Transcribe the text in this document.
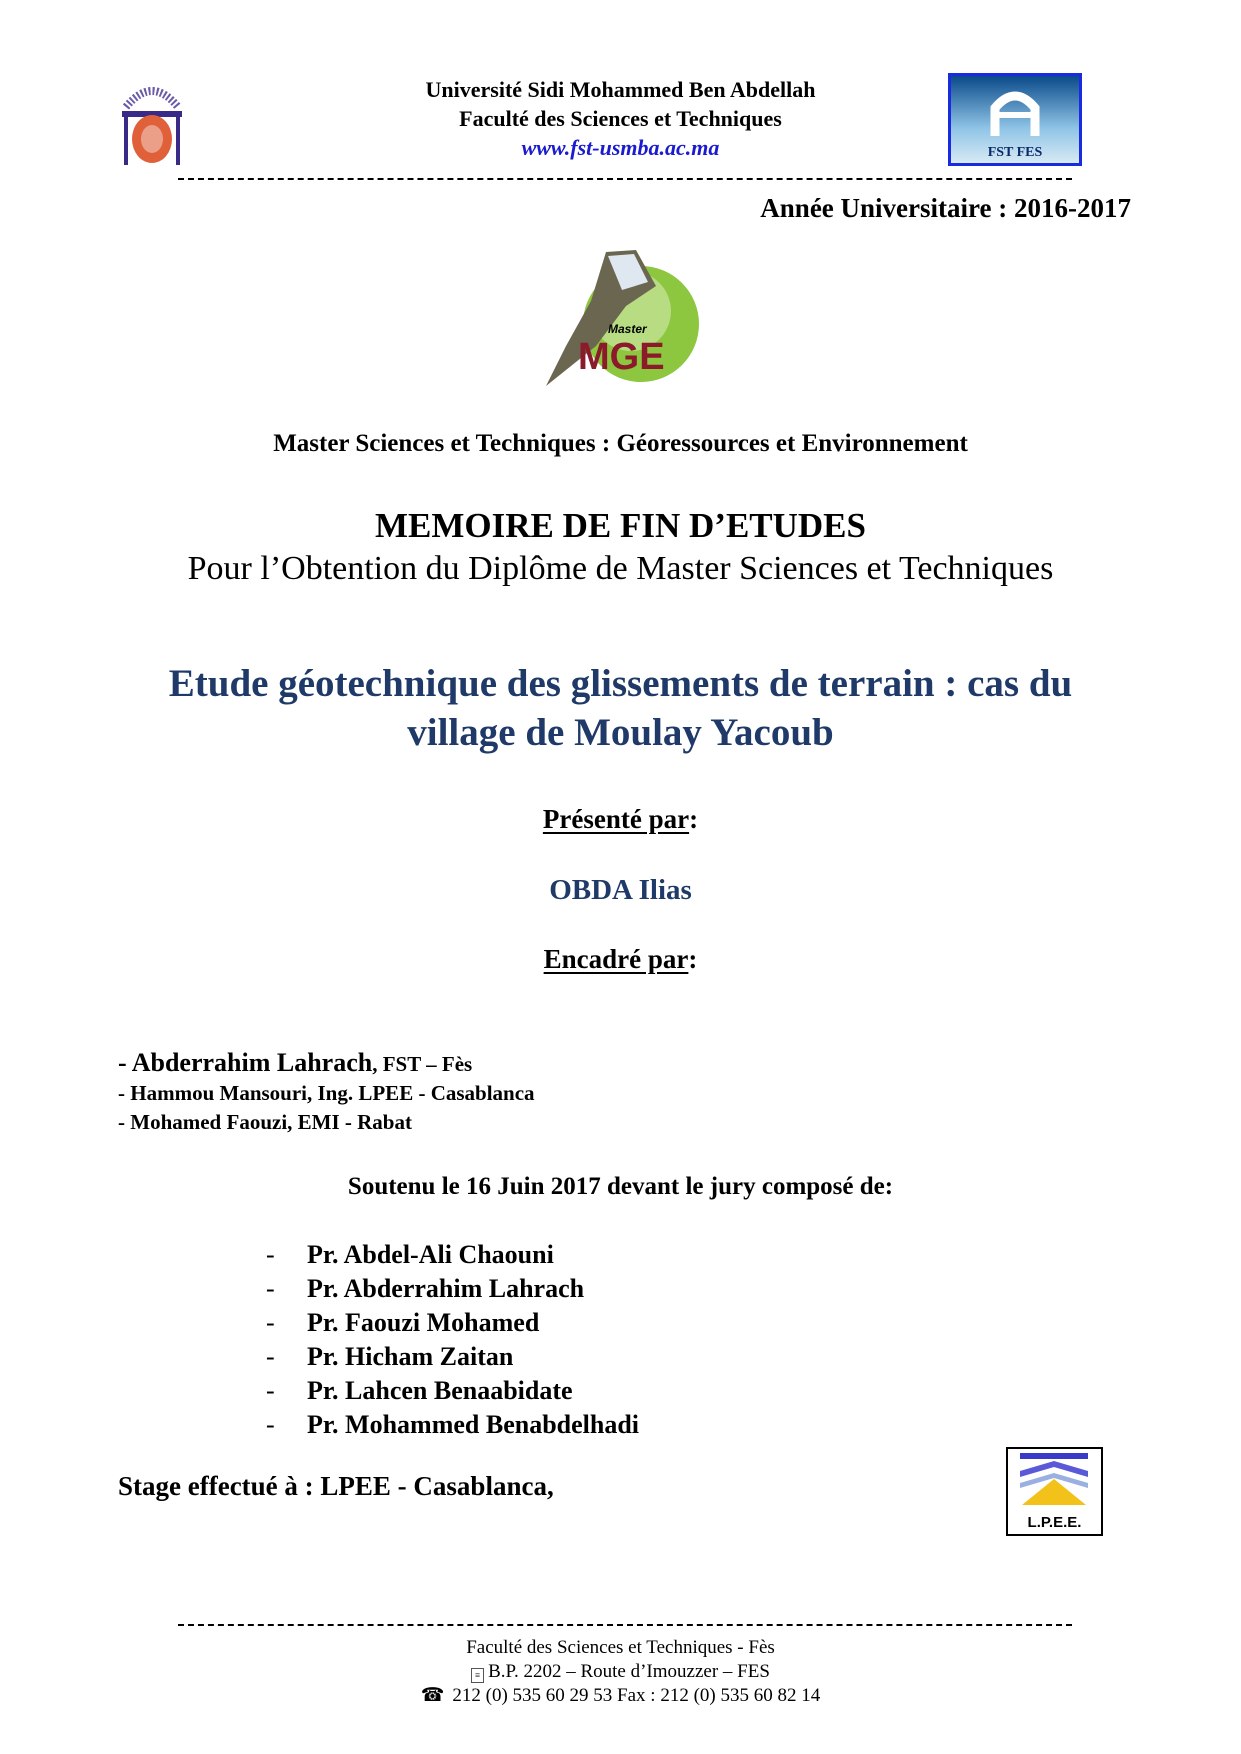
Université Sidi Mohammed Ben Abdellah
Faculté des Sciences et Techniques
www.fst-usmba.ac.ma	FST FES
Année Universitaire : 2016-2017
Master
MGE
Master Sciences et Techniques : Géoressources et Environnement
MEMOIRE DE FIN D’ETUDES
Pour l’Obtention du Diplôme de Master Sciences et Techniques
Etude géotechnique des glissements de terrain : cas du
village de Moulay Yacoub
Présenté par:
OBDA Ilias
Encadré par:
- Abderrahim Lahrach, FST – Fès
- Hammou Mansouri, Ing. LPEE - Casablanca
- Mohamed Faouzi, EMI - Rabat
Soutenu le 16 Juin 2017 devant le jury composé de:
- Pr. Abdel-Ali Chaouni
- Pr. Abderrahim Lahrach
- Pr. Faouzi Mohamed
- Pr. Hicham Zaitan
- Pr. Lahcen Benaabidate
- Pr. Mohammed Benabdelhadi
Stage effectué à : LPEE - Casablanca,
L.P.E.E.
Faculté des Sciences et Techniques - Fès
≡ B.P. 2202 – Route d’Imouzzer – FES
☎ 212 (0) 535 60 29 53 Fax : 212 (0) 535 60 82 14
